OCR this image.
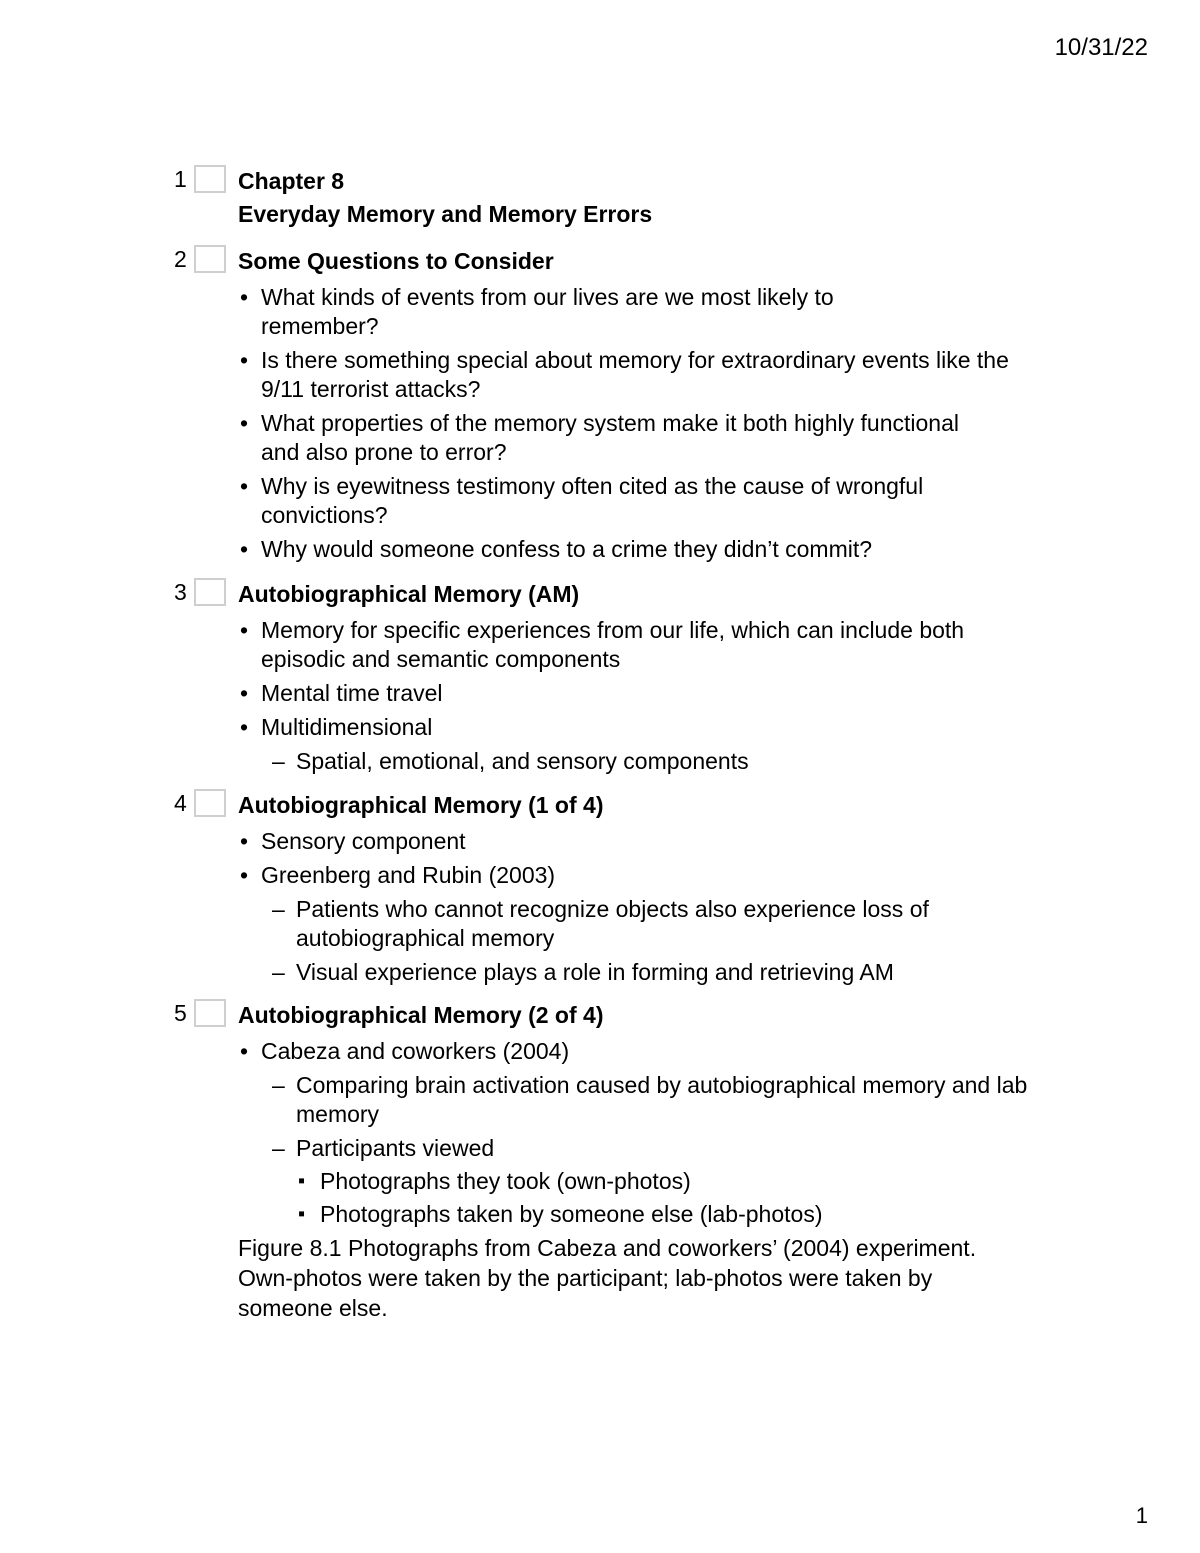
10/31/22
1 Chapter 8

Everyday Memory and Memory Errors

2 Some Questions to Consider

• What kinds of events from our lives are we most likely to remember?
• Is there something special about memory for extraordinary events like the 9/11 terrorist attacks?
• What properties of the memory system make it both highly functional and also prone to error?
• Why is eyewitness testimony often cited as the cause of wrongful convictions?
• Why would someone confess to a crime they didn’t commit?
3 Autobiographical Memory (AM)

• Memory for specific experiences from our life, which can include both episodic and semantic components
• Mental time travel
• Multidimensional
– Spatial, emotional, and sensory components
4 Autobiographical Memory (1 of 4)

• Sensory component
• Greenberg and Rubin (2003)
– Patients who cannot recognize objects also experience loss of autobiographical memory
– Visual experience plays a role in forming and retrieving AM
5 Autobiographical Memory (2 of 4)

• Cabeza and coworkers (2004)
– Comparing brain activation caused by autobiographical memory and lab memory
– Participants viewed
▪ Photographs they took (own-photos)
▪ Photographs taken by someone else (lab-photos)
Figure 8.1 Photographs from Cabeza and coworkers’ (2004) experiment. Own-photos were taken by the participant; lab-photos were taken by someone else.
1
